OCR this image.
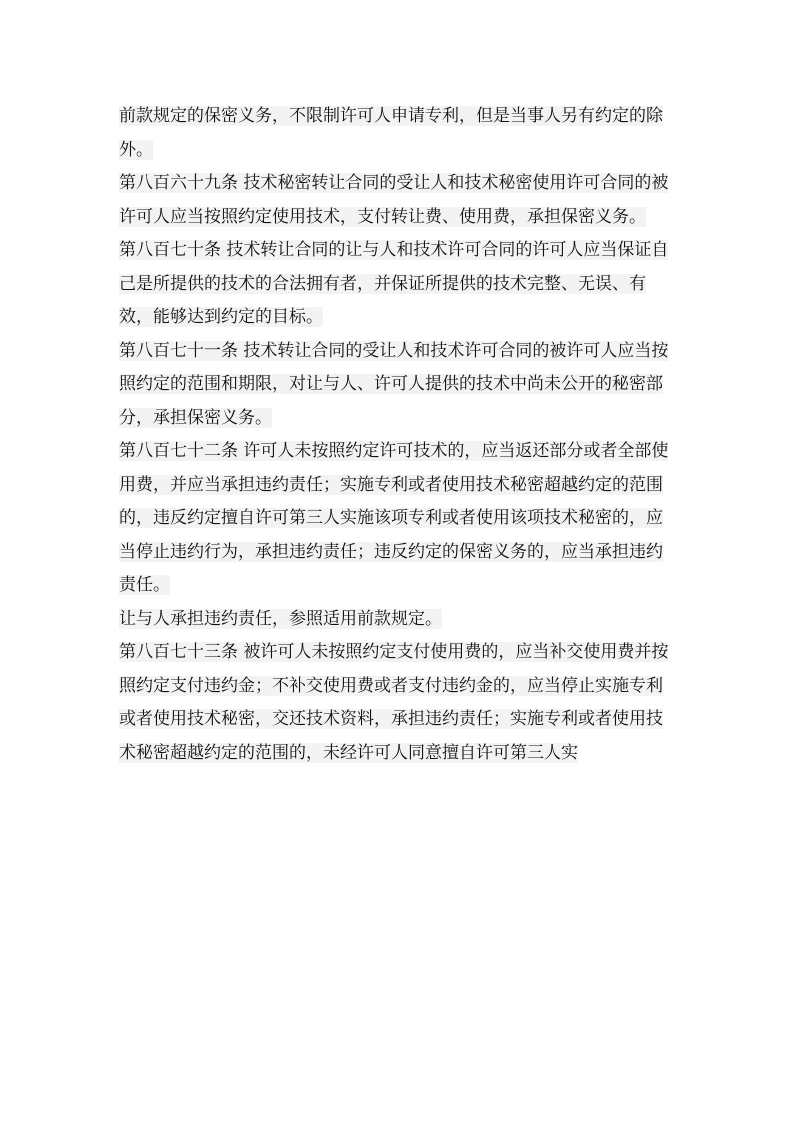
前款规定的保密义务，不限制许可人申请专利，但是当事人另有约定的除外。

第八百六十九条 技术秘密转让合同的受让人和技术秘密使用许可合同的被许可人应当按照约定使用技术，支付转让费、使用费，承担保密义务。

第八百七十条 技术转让合同的让与人和技术许可合同的许可人应当保证自己是所提供的技术的合法拥有者，并保证所提供的技术完整、无误、有效，能够达到约定的目标。

第八百七十一条 技术转让合同的受让人和技术许可合同的被许可人应当按照约定的范围和期限，对让与人、许可人提供的技术中尚未公开的秘密部分，承担保密义务。

第八百七十二条 许可人未按照约定许可技术的，应当返还部分或者全部使用费，并应当承担违约责任；实施专利或者使用技术秘密超越约定的范围的，违反约定擅自许可第三人实施该项专利或者使用该项技术秘密的，应当停止违约行为，承担违约责任；违反约定的保密义务的，应当承担违约责任。

让与人承担违约责任，参照适用前款规定。

第八百七十三条 被许可人未按照约定支付使用费的，应当补交使用费并按照约定支付违约金；不补交使用费或者支付违约金的，应当停止实施专利或者使用技术秘密，交还技术资料，承担违约责任；实施专利或者使用技术秘密超越约定的范围的，未经许可人同意擅自许可第三人实
